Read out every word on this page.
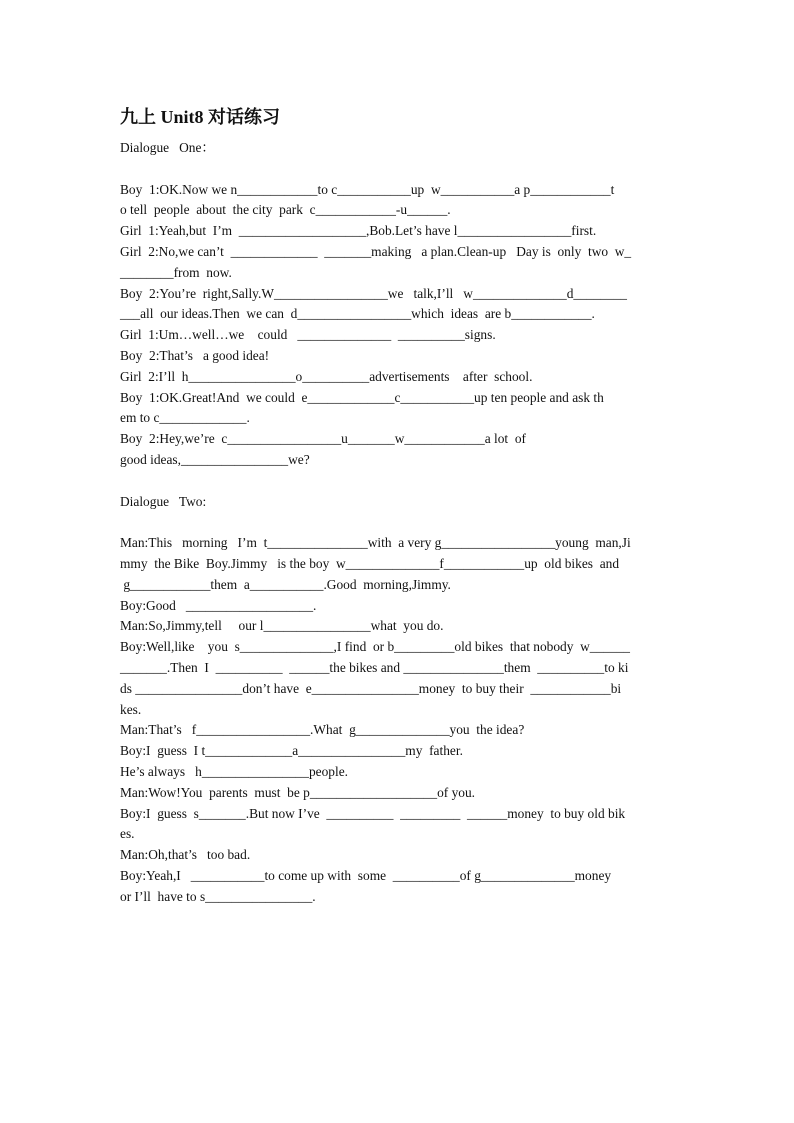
九上 Unit8 对话练习
Dialogue   One：
Boy  1:OK.Now we n____________to c___________up  w___________a p____________t
o tell  people  about  the city  park  c____________-u______.
Girl  1:Yeah,but  I’m  ___________________,Bob.Let’s have l_________________first.
Girl  2:No,we can’t  _____________  _______making   a plan.Clean-up   Day is  only  two  w_
________from  now.
Boy  2:You’re  right,Sally.W_________________we   talk,I’ll   w______________d________
___all  our ideas.Then  we can  d_________________which  ideas  are b____________.
Girl  1:Um…well…we    could   ______________  __________signs.
Boy  2:That’s   a good idea!
Girl  2:I’ll  h________________o__________advertisements    after  school.
Boy  1:OK.Great!And  we could  e_____________c___________up ten people and ask th
em to c_____________.
Boy  2:Hey,we’re  c_________________u_______w____________a lot  of
good ideas,________________we?
Dialogue   Two:
Man:This   morning   I’m  t_______________with  a very g_________________young  man,Ji
mmy  the Bike  Boy.Jimmy   is the boy  w______________f____________up  old bikes  and
g____________them  a___________.Good  morning,Jimmy.
Boy:Good   ___________________.
Man:So,Jimmy,tell     our l________________what  you do.
Boy:Well,like    you  s______________,I find  or b_________old bikes  that nobody  w______
_______.Then  I  __________  ______the bikes and _______________them  __________to ki
ds ________________don’t have  e________________money  to buy their  ____________bi
kes.
Man:That’s   f_________________.What  g______________you  the idea?
Boy:I  guess  I t_____________a________________my  father.
He’s always   h________________people.
Man:Wow!You  parents  must  be p___________________of you.
Boy:I  guess  s_______.But now I’ve  __________  _________  ______money  to buy old bik
es.
Man:Oh,that’s   too bad.
Boy:Yeah,I   ___________to come up with  some  __________of g______________money
or I’ll  have to s________________.
